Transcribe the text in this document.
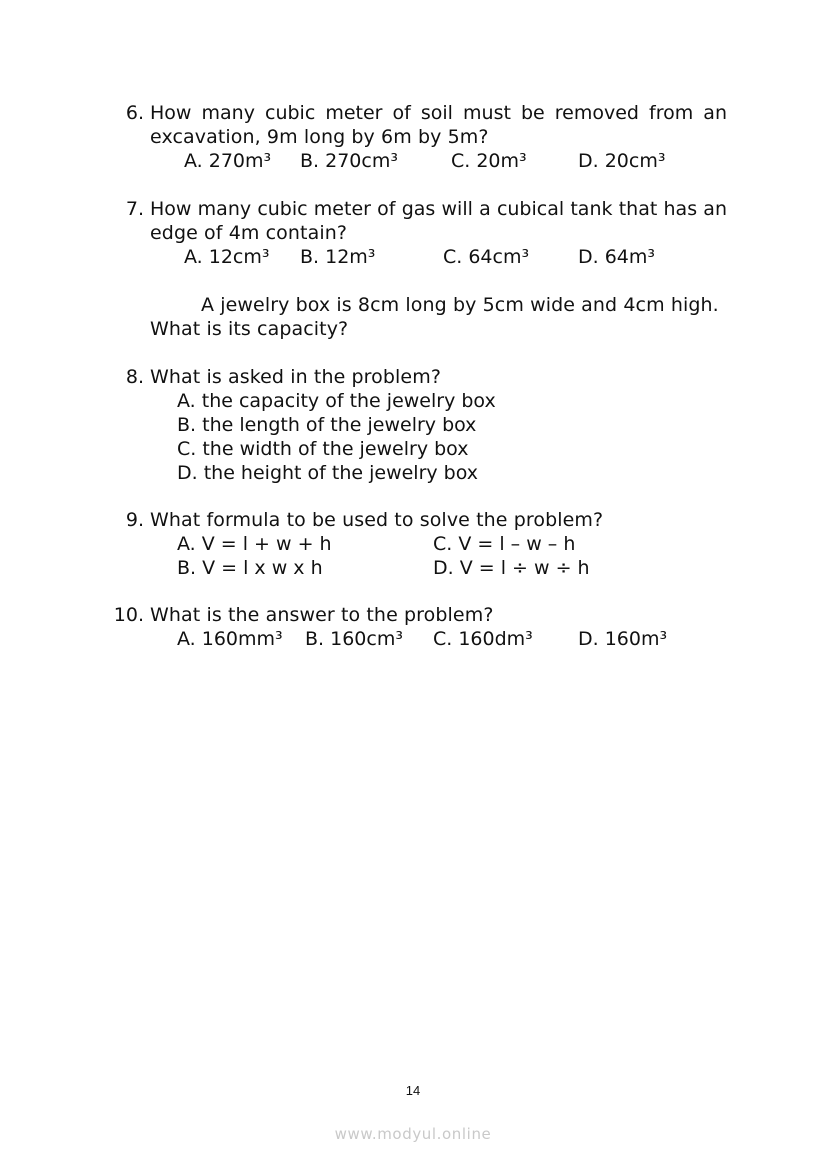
6. How many cubic meter of soil must be removed from an
excavation, 9m long by 6m by 5m?
A. 270m³ B. 270cm³	C. 20m³	D. 20cm³
7. How many cubic meter of gas will a cubical tank that has an
edge of 4m contain?
A. 12cm³ B. 12m³	C. 64cm³	D. 64m³
A jewelry box is 8cm long by 5cm wide and 4cm high.
What is its capacity?
8. What is asked in the problem?
A. the capacity of the jewelry box
B. the length of the jewelry box
C. the width of the jewelry box
D. the height of the jewelry box
9. What formula to be used to solve the problem?
A. V = l + w + h	C. V = l – w – h
B. V = l x w x h	D. V = l ÷ w ÷ h
10. What is the answer to the problem?
A. 160mm³ B. 160cm³ C. 160dm³ D. 160m³
14
www.modyul.online
